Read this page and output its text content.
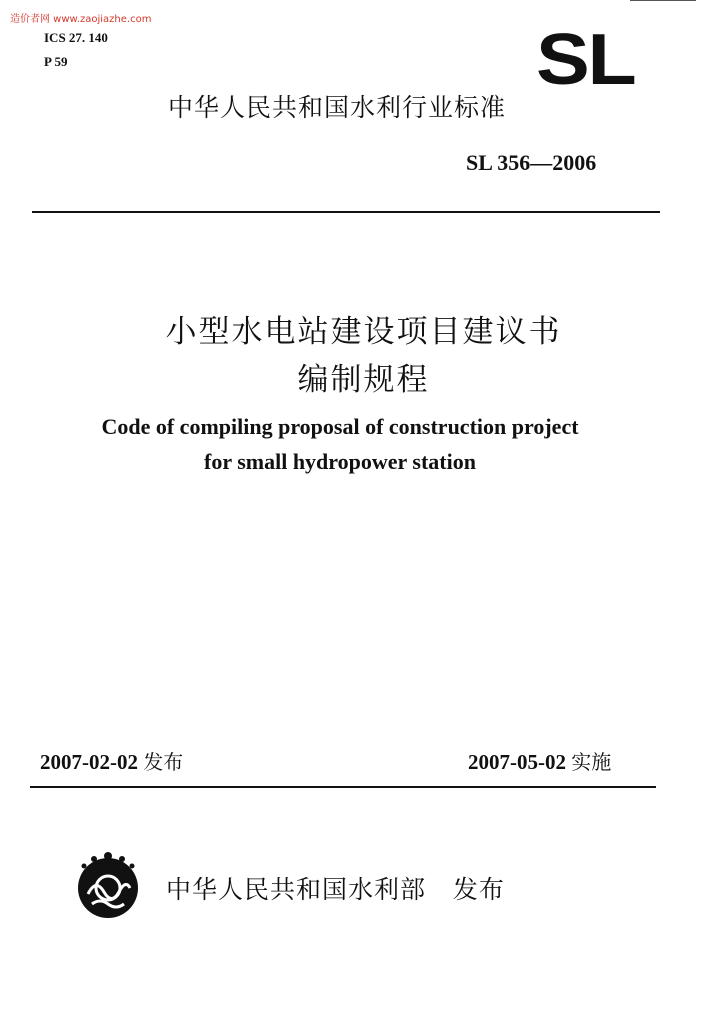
造价者网 www.zaojiazhe.com
ICS 27. 140
P 59	SL
中华人民共和国水利行业标准
SL 356—2006
小型水电站建设项目建议书
编制规程
Code of compiling proposal of construction project
for small hydropower station
2007-02-02 发布	2007-05-02 实施
中华人民共和国水利部 发布
